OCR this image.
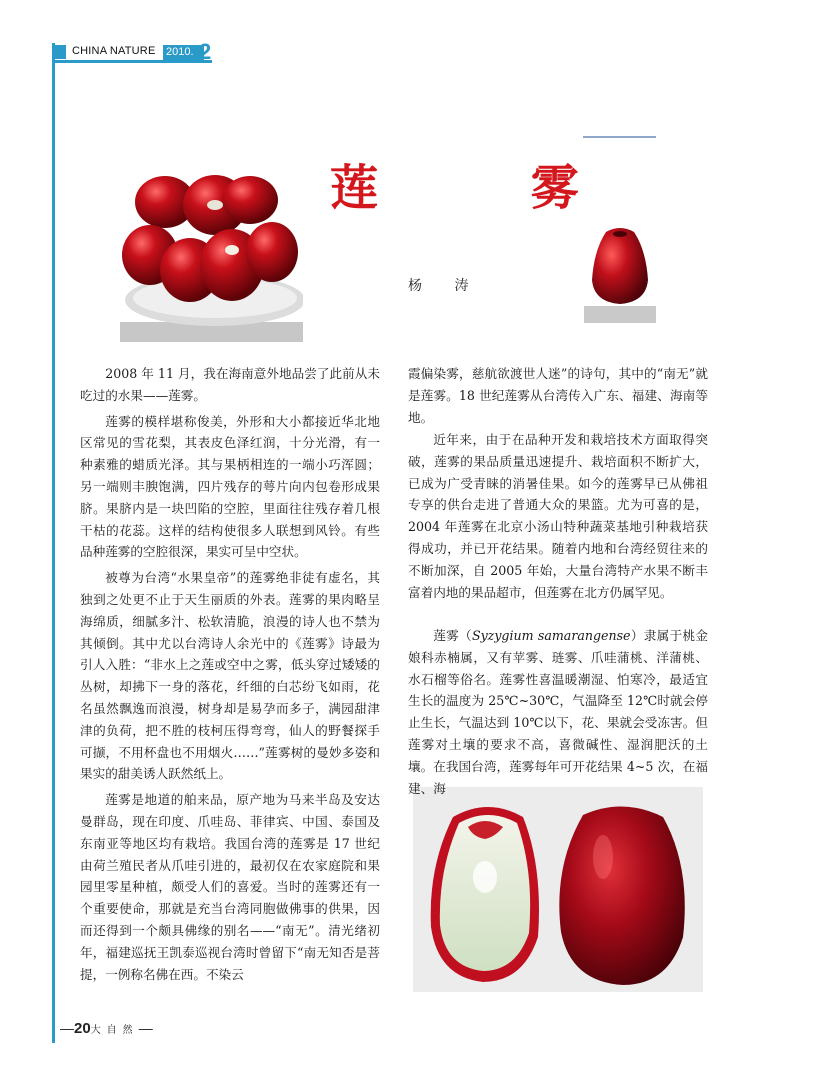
CHINA NATURE 2010. 2
莲 雾
杨 涛

2008 年 11 月，我在海南意外地品尝了此前从未吃过的水果——莲雾。

莲雾的模样堪称俊美，外形和大小都接近华北地区常见的雪花梨，其表皮色泽红润，十分光滑，有一种素雅的蜡质光泽。其与果柄相连的一端小巧浑圆；另一端则丰腴饱满，四片残存的萼片向内包卷形成果脐。果脐内是一块凹陷的空腔，里面往往残存着几根干枯的花蕊。这样的结构使很多人联想到风铃。有些品种莲雾的空腔很深，果实可呈中空状。

被尊为台湾“水果皇帝”的莲雾绝非徒有虚名，其独到之处更不止于天生丽质的外表。莲雾的果肉略呈海绵质，细腻多汁、松软清脆，浪漫的诗人也不禁为其倾倒。其中尤以台湾诗人余光中的《莲雾》诗最为引人入胜：“非水上之莲或空中之雾，低头穿过矮矮的丛树，却拂下一身的落花，纤细的白芯纷飞如雨，花名虽然飘逸而浪漫，树身却是易孕而多子，满园甜津津的负荷，把不胜的枝柯压得弯弯，仙人的野餐探手可撷，不用杯盘也不用烟火……”莲雾树的曼妙多姿和果实的甜美诱人跃然纸上。

莲雾是地道的舶来品，原产地为马来半岛及安达曼群岛，现在印度、爪哇岛、菲律宾、中国、泰国及东南亚等地区均有栽培。我国台湾的莲雾是 17 世纪由荷兰殖民者从爪哇引进的，最初仅在农家庭院和果园里零星种植，颇受人们的喜爱。当时的莲雾还有一个重要使命，那就是充当台湾同胞做佛事的供果，因而还得到一个颇具佛缘的别名——“南无”。清光绪初年，福建巡抚王凯泰巡视台湾时曾留下“南无知否是菩提，一例称名佛在西。不染云

霞偏染雾，慈航欲渡世人迷”的诗句，其中的“南无”就是莲雾。18 世纪莲雾从台湾传入广东、福建、海南等地。

近年来，由于在品种开发和栽培技术方面取得突破，莲雾的果品质量迅速提升、栽培面积不断扩大，已成为广受青睐的消暑佳果。如今的莲雾早已从佛祖专享的供台走进了普通大众的果篮。尤为可喜的是，2004 年莲雾在北京小汤山特种蔬菜基地引种栽培获得成功，并已开花结果。随着内地和台湾经贸往来的不断加深，自 2005 年始，大量台湾特产水果不断丰富着内地的果品超市，但莲雾在北方仍属罕见。

莲雾（Syzygium samarangense）隶属于桃金娘科赤楠属，又有苹雾、琏雾、爪哇蒲桃、洋蒲桃、水石榴等俗名。莲雾性喜温暖潮湿、怕寒冷，最适宜生长的温度为 25℃~30℃，气温降至 12℃时就会停止生长，气温达到 10℃以下，花、果就会受冻害。但莲雾对土壤的要求不高，喜微碱性、湿润肥沃的土壤。在我国台湾，莲雾每年可开花结果 4~5 次，在福建、海

—20大自然—
